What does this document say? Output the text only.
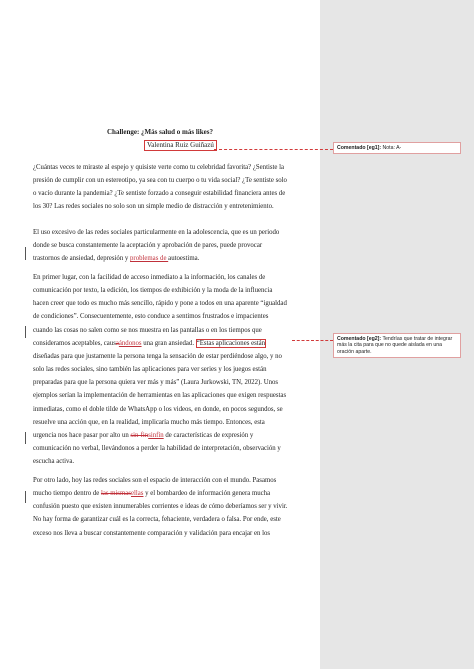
Challenge: ¿Más salud o más likes?
Valentina Ruiz Guiñazú
¿Cuántas veces te miraste al espejo y quisiste verte como tu celebridad favorita? ¿Sentiste la
presión de cumplir con un estereotipo, ya sea con tu cuerpo o tu vida social? ¿Te sentiste solo
o vacío durante la pandemia? ¿Te sentiste forzado a conseguir estabilidad financiera antes de
los 30? Las redes sociales no solo son un simple medio de distracción y entretenimiento.
El uso excesivo de las redes sociales particularmente en la adolescencia, que es un periodo
donde se busca constantemente la aceptación y aprobación de pares, puede provocar
trastornos de ansiedad, depresión y problemas de autoestima.
En primer lugar, con la facilidad de acceso inmediato a la información, los canales de
comunicación por texto, la edición, los tiempos de exhibición y la moda de la influencia
hacen creer que todo es mucho más sencillo, rápido y pone a todos en una aparente “igualdad
de condiciones”. Consecuentemente, esto conduce a sentimos frustrados e impacientes
cuando las cosas no salen como se nos muestra en las pantallas o en los tiempos que
consideramos aceptables, causaándonos una gran ansiedad. “Estas aplicaciones están
diseñadas para que justamente la persona tenga la sensación de estar perdiéndose algo, y no
solo las redes sociales, sino también las aplicaciones para ver series y los juegos están
preparadas para que la persona quiera ver más y más” (Laura Jurkowski, TN, 2022). Unos
ejemplos serían la implementación de herramientas en las aplicaciones que exigen respuestas
inmediatas, como el doble tilde de WhatsApp o los videos, en donde, en pocos segundos, se
resuelve una acción que, en la realidad, implicaría mucho más tiempo. Entonces, esta
urgencia nos hace pasar por alto un sin-finsinfín de características de expresión y
comunicación no verbal, llevándonos a perder la habilidad de interpretación, observación y
escucha activa.
Por otro lado, hoy las redes sociales son el espacio de interacción con el mundo. Pasamos
mucho tiempo dentro de las mismasellas y el bombardeo de información genera mucha
confusión puesto que existen innumerables corrientes e ideas de cómo deberíamos ser y vivir.
No hay forma de garantizar cuál es la correcta, fehaciente, verdadera o falsa. Por ende, este
exceso nos lleva a buscar constantemente comparación y validación para encajar en los
Comentado [eg1]: Nota: A-
Comentado [eg2]: Tendrías que tratar de integrar más la cita para que no quede aislada en una oración aparte.
